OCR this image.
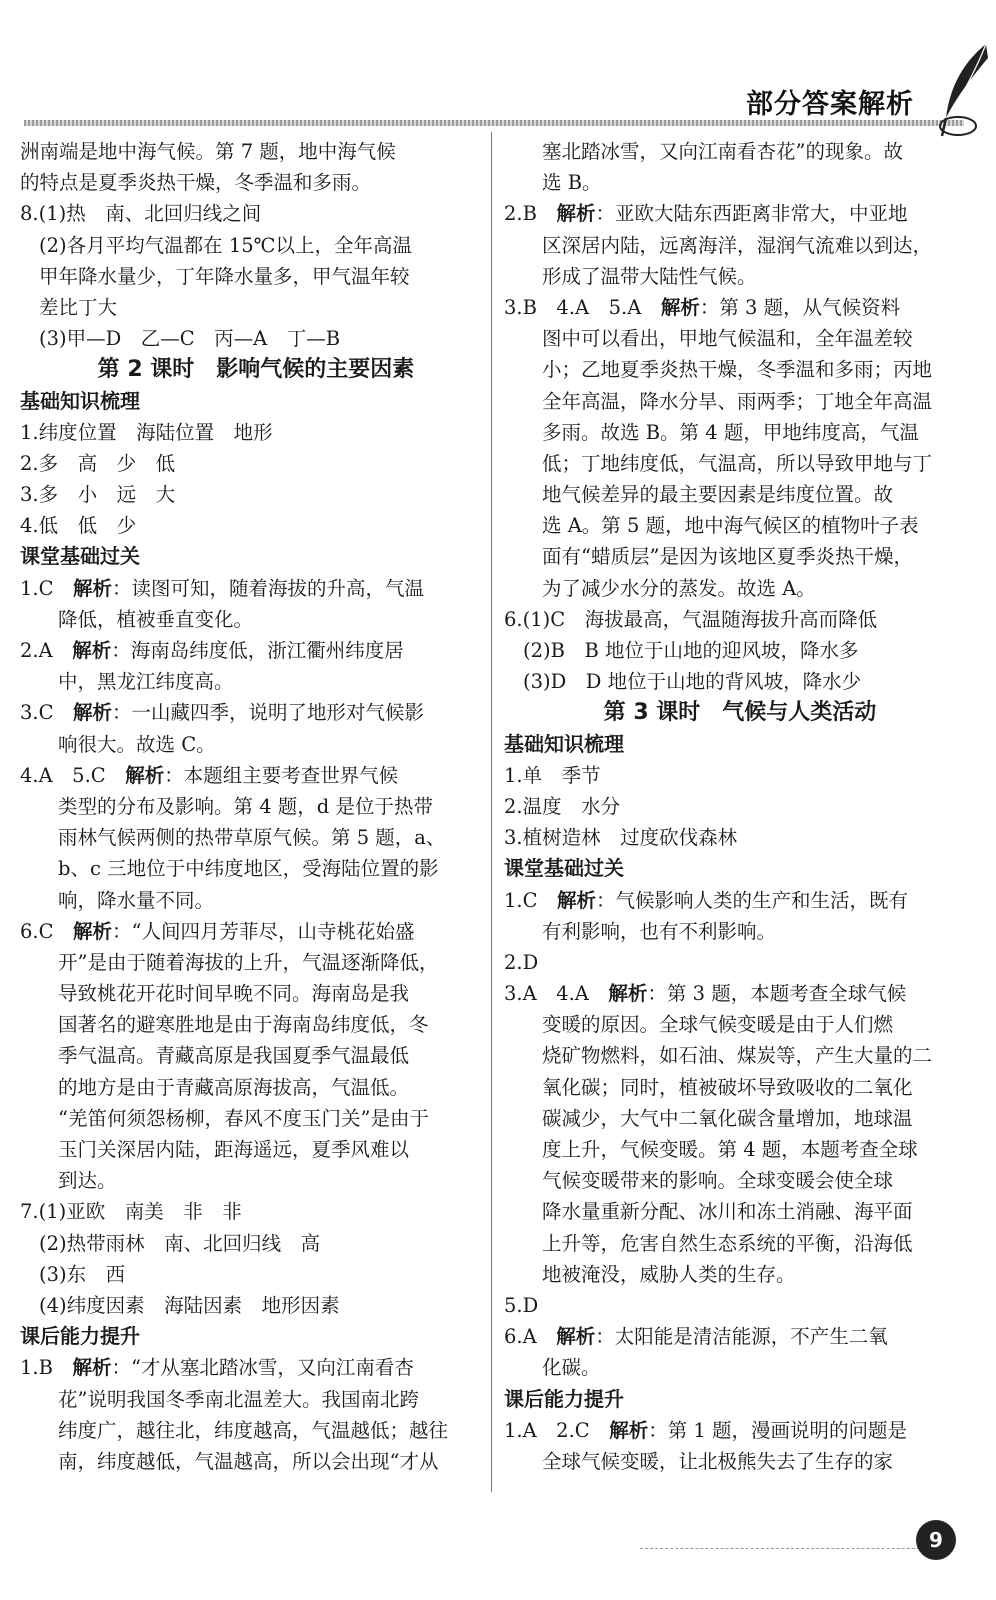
部分答案解析
洲南端是地中海气候。第 7 题，地中海气候
的特点是夏季炎热干燥，冬季温和多雨。
8.(1)热　南、北回归线之间
(2)各月平均气温都在 15℃以上，全年高温
甲年降水量少，丁年降水量多，甲气温年较
差比丁大
(3)甲—D　乙—C　丙—A　丁—B
第 2 课时　影响气候的主要因素
基础知识梳理
1.纬度位置　海陆位置　地形
2.多　高　少　低
3.多　小　远　大
4.低　低　少
课堂基础过关
1.C　解析：读图可知，随着海拔的升高，气温
降低，植被垂直变化。
2.A　解析：海南岛纬度低，浙江衢州纬度居
中，黑龙江纬度高。
3.C　解析：一山藏四季，说明了地形对气候影
响很大。故选 C。
4.A　5.C　解析：本题组主要考查世界气候
类型的分布及影响。第 4 题，d 是位于热带
雨林气候两侧的热带草原气候。第 5 题，a、
b、c 三地位于中纬度地区，受海陆位置的影
响，降水量不同。
6.C　解析：“人间四月芳菲尽，山寺桃花始盛
开”是由于随着海拔的上升，气温逐渐降低，
导致桃花开花时间早晚不同。海南岛是我
国著名的避寒胜地是由于海南岛纬度低，冬
季气温高。青藏高原是我国夏季气温最低
的地方是由于青藏高原海拔高，气温低。
“羌笛何须怨杨柳，春风不度玉门关”是由于
玉门关深居内陆，距海遥远，夏季风难以
到达。
7.(1)亚欧　南美　非　非
(2)热带雨林　南、北回归线　高
(3)东　西
(4)纬度因素　海陆因素　地形因素
课后能力提升
1.B　解析：“才从塞北踏冰雪，又向江南看杏
花”说明我国冬季南北温差大。我国南北跨
纬度广，越往北，纬度越高，气温越低；越往
南，纬度越低，气温越高，所以会出现“才从
塞北踏冰雪，又向江南看杏花”的现象。故
选 B。
2.B　解析：亚欧大陆东西距离非常大，中亚地
区深居内陆，远离海洋，湿润气流难以到达，
形成了温带大陆性气候。
3.B　4.A　5.A　解析：第 3 题，从气候资料
图中可以看出，甲地气候温和，全年温差较
小；乙地夏季炎热干燥，冬季温和多雨；丙地
全年高温，降水分旱、雨两季；丁地全年高温
多雨。故选 B。第 4 题，甲地纬度高，气温
低；丁地纬度低，气温高，所以导致甲地与丁
地气候差异的最主要因素是纬度位置。故
选 A。第 5 题，地中海气候区的植物叶子表
面有“蜡质层”是因为该地区夏季炎热干燥，
为了减少水分的蒸发。故选 A。
6.(1)C　海拔最高，气温随海拔升高而降低
(2)B　B 地位于山地的迎风坡，降水多
(3)D　D 地位于山地的背风坡，降水少
第 3 课时　气候与人类活动
基础知识梳理
1.单　季节
2.温度　水分
3.植树造林　过度砍伐森林
课堂基础过关
1.C　解析：气候影响人类的生产和生活，既有
有利影响，也有不利影响。
2.D
3.A　4.A　解析：第 3 题，本题考查全球气候
变暖的原因。全球气候变暖是由于人们燃
烧矿物燃料，如石油、煤炭等，产生大量的二
氧化碳；同时，植被破坏导致吸收的二氧化
碳减少，大气中二氧化碳含量增加，地球温
度上升，气候变暖。第 4 题，本题考查全球
气候变暖带来的影响。全球变暖会使全球
降水量重新分配、冰川和冻土消融、海平面
上升等，危害自然生态系统的平衡，沿海低
地被淹没，威胁人类的生存。
5.D
6.A　解析：太阳能是清洁能源，不产生二氧
化碳。
课后能力提升
1.A　2.C　解析：第 1 题，漫画说明的问题是
全球气候变暖，让北极熊失去了生存的家
9
